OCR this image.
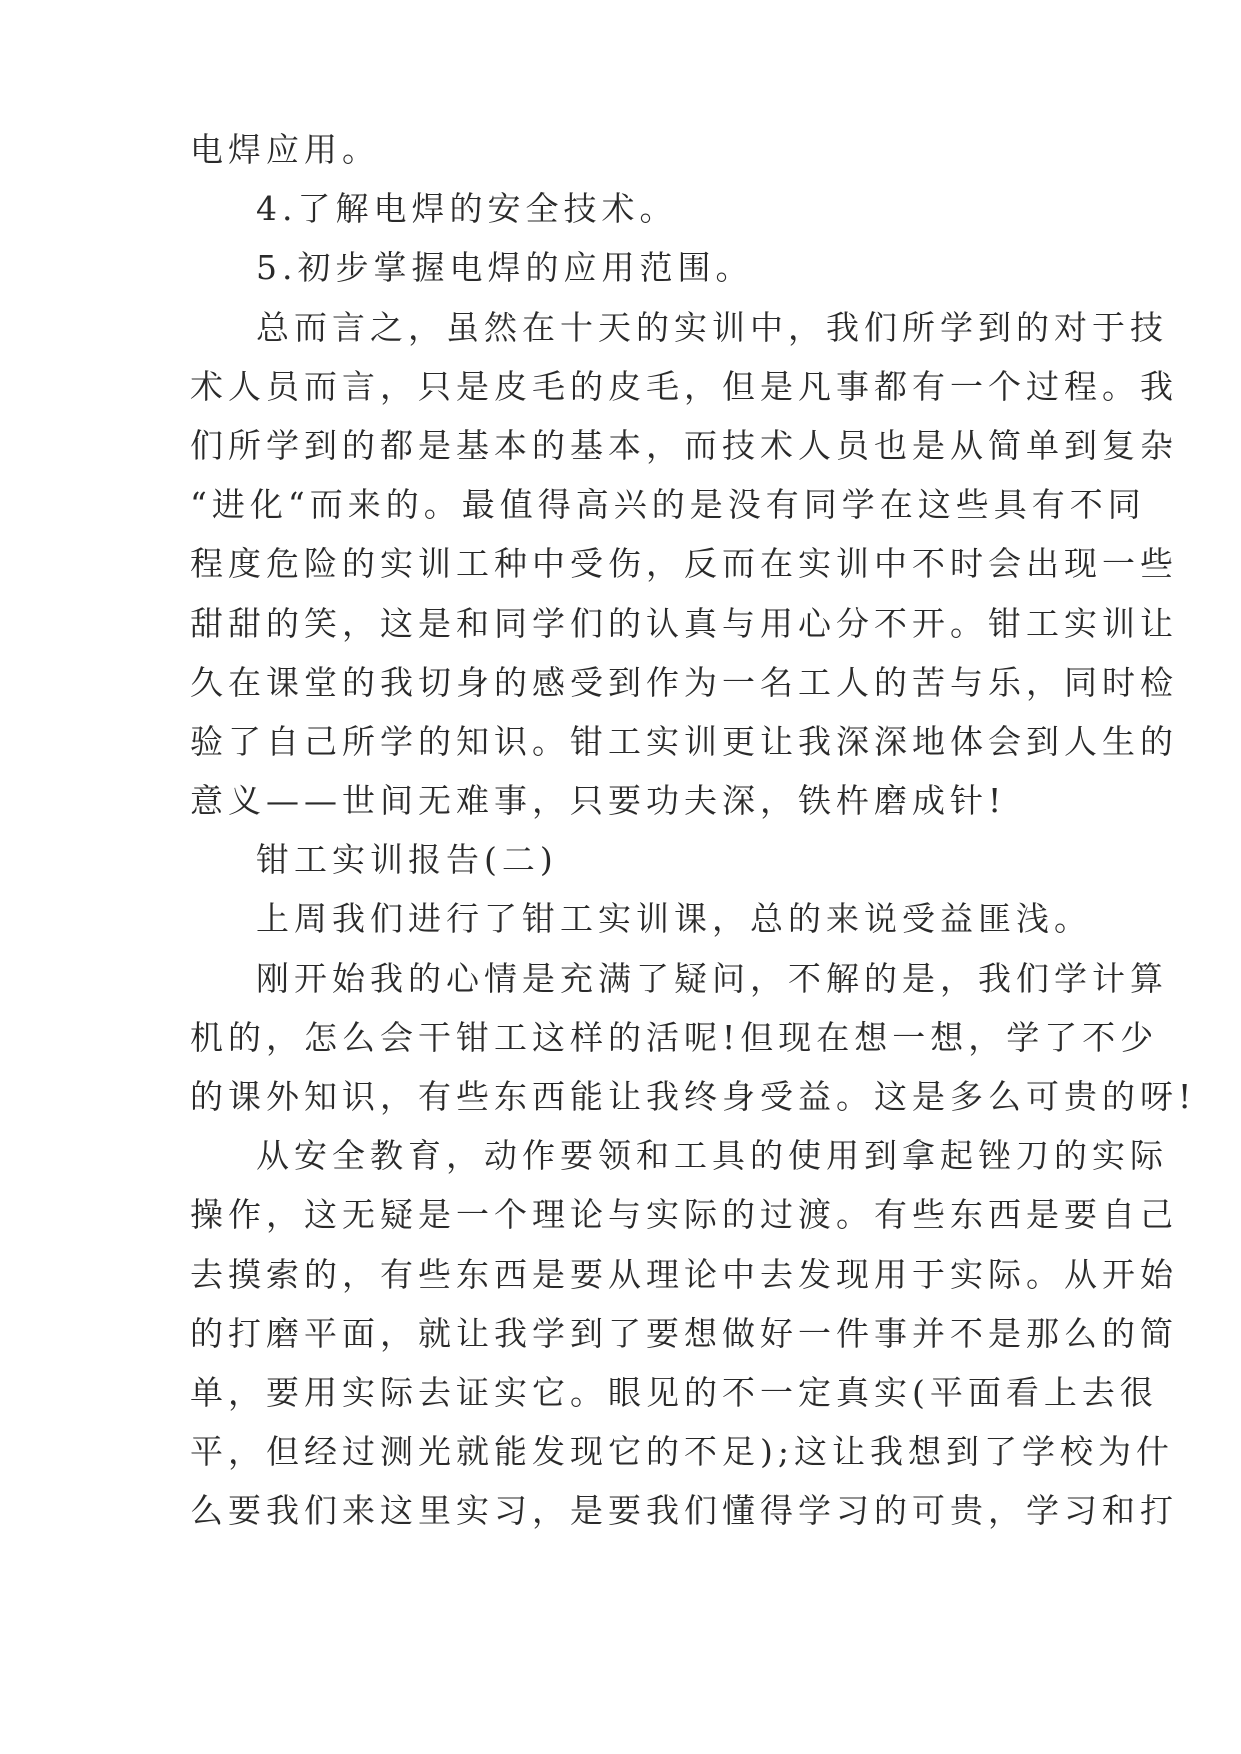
电焊应用。
4.了解电焊的安全技术。
5.初步掌握电焊的应用范围。
总而言之，虽然在十天的实训中，我们所学到的对于技
术人员而言，只是皮毛的皮毛，但是凡事都有一个过程。我
们所学到的都是基本的基本，而技术人员也是从简单到复杂
“进化“而来的。最值得高兴的是没有同学在这些具有不同
程度危险的实训工种中受伤，反而在实训中不时会出现一些
甜甜的笑，这是和同学们的认真与用心分不开。钳工实训让
久在课堂的我切身的感受到作为一名工人的苦与乐，同时检
验了自己所学的知识。钳工实训更让我深深地体会到人生的
意义——世间无难事，只要功夫深，铁杵磨成针!
钳工实训报告(二)
上周我们进行了钳工实训课，总的来说受益匪浅。
刚开始我的心情是充满了疑问，不解的是，我们学计算
机的，怎么会干钳工这样的活呢!但现在想一想，学了不少
的课外知识，有些东西能让我终身受益。这是多么可贵的呀!
从安全教育，动作要领和工具的使用到拿起锉刀的实际
操作，这无疑是一个理论与实际的过渡。有些东西是要自己
去摸索的，有些东西是要从理论中去发现用于实际。从开始
的打磨平面，就让我学到了要想做好一件事并不是那么的简
单，要用实际去证实它。眼见的不一定真实(平面看上去很
平，但经过测光就能发现它的不足);这让我想到了学校为什
么要我们来这里实习，是要我们懂得学习的可贵，学习和打
